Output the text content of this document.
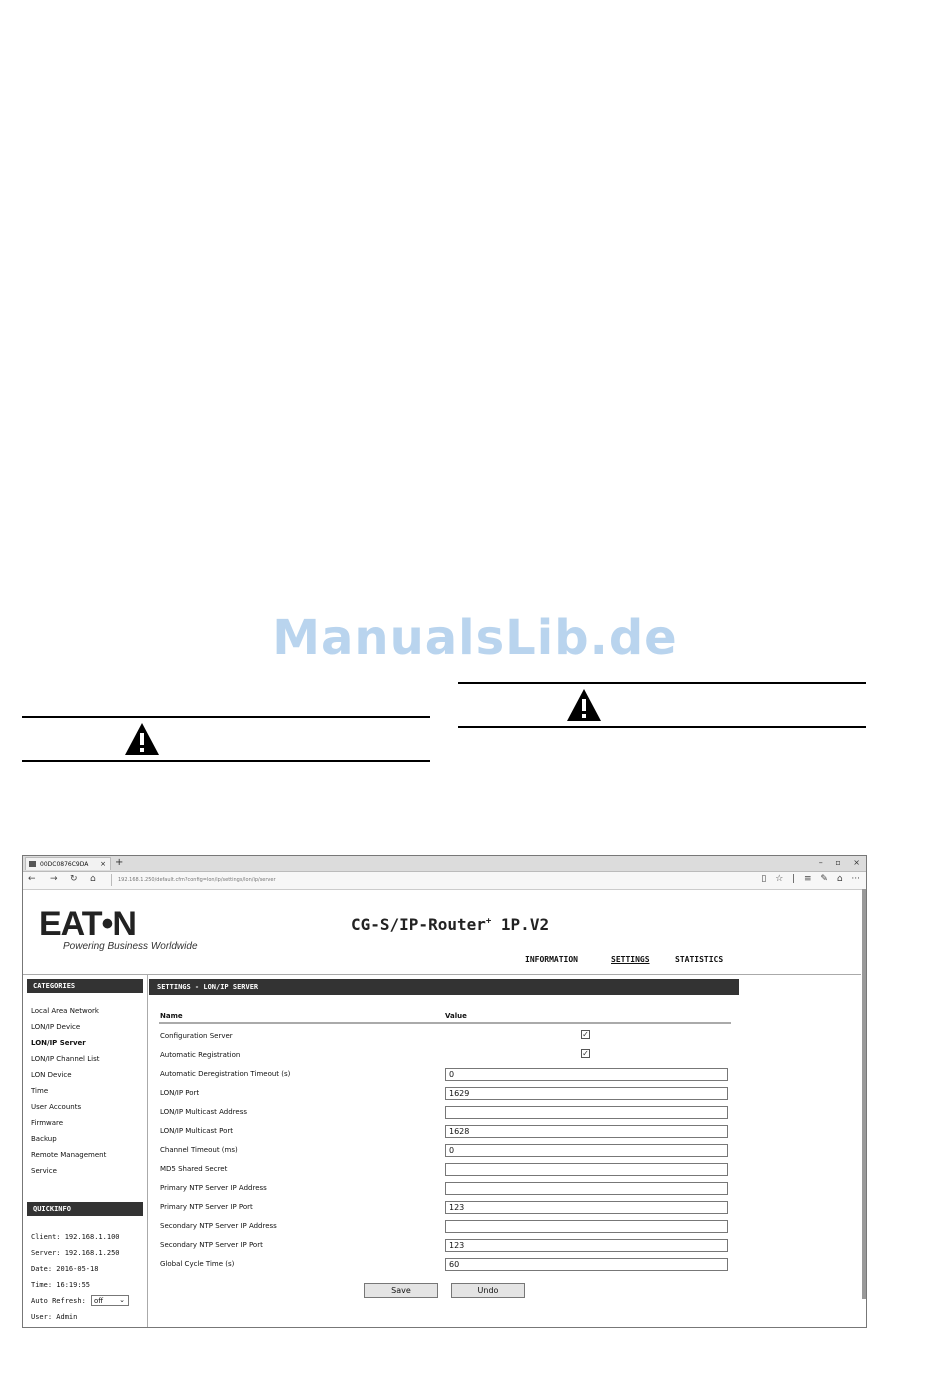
ManualsLib.de
00DC0876C9DA × +	– ▫ ×
← → ↻ ⌂	192.168.1.250/default.cfm?config=lon/ip/settings/lon/ip/server	▯ ☆ | ≡ ✎ ⌂ ···
EAT•N
Powering Business Worldwide
CG-S/IP-Router+ 1P.V2
INFORMATION	SETTINGS	STATISTICS
CATEGORIES
Local Area Network
LON/IP Device
LON/IP Server
LON/IP Channel List
LON Device
Time
User Accounts
Firmware
Backup
Remote Management
Service
QUICKINFO
Client: 192.168.1.100
Server: 192.168.1.250
Date: 2016-05-18
Time: 16:19:55
Auto Refresh:	off ⌄
User: Admin
SETTINGS - LON/IP SERVER
Name	Value
Configuration Server	✓
Automatic Registration	✓
Automatic Deregistration Timeout (s)	0
LON/IP Port	1629
LON/IP Multicast Address
LON/IP Multicast Port	1628
Channel Timeout (ms)	0
MD5 Shared Secret
Primary NTP Server IP Address
Primary NTP Server IP Port	123
Secondary NTP Server IP Address
Secondary NTP Server IP Port	123
Global Cycle Time (s)	60
Save	Undo
